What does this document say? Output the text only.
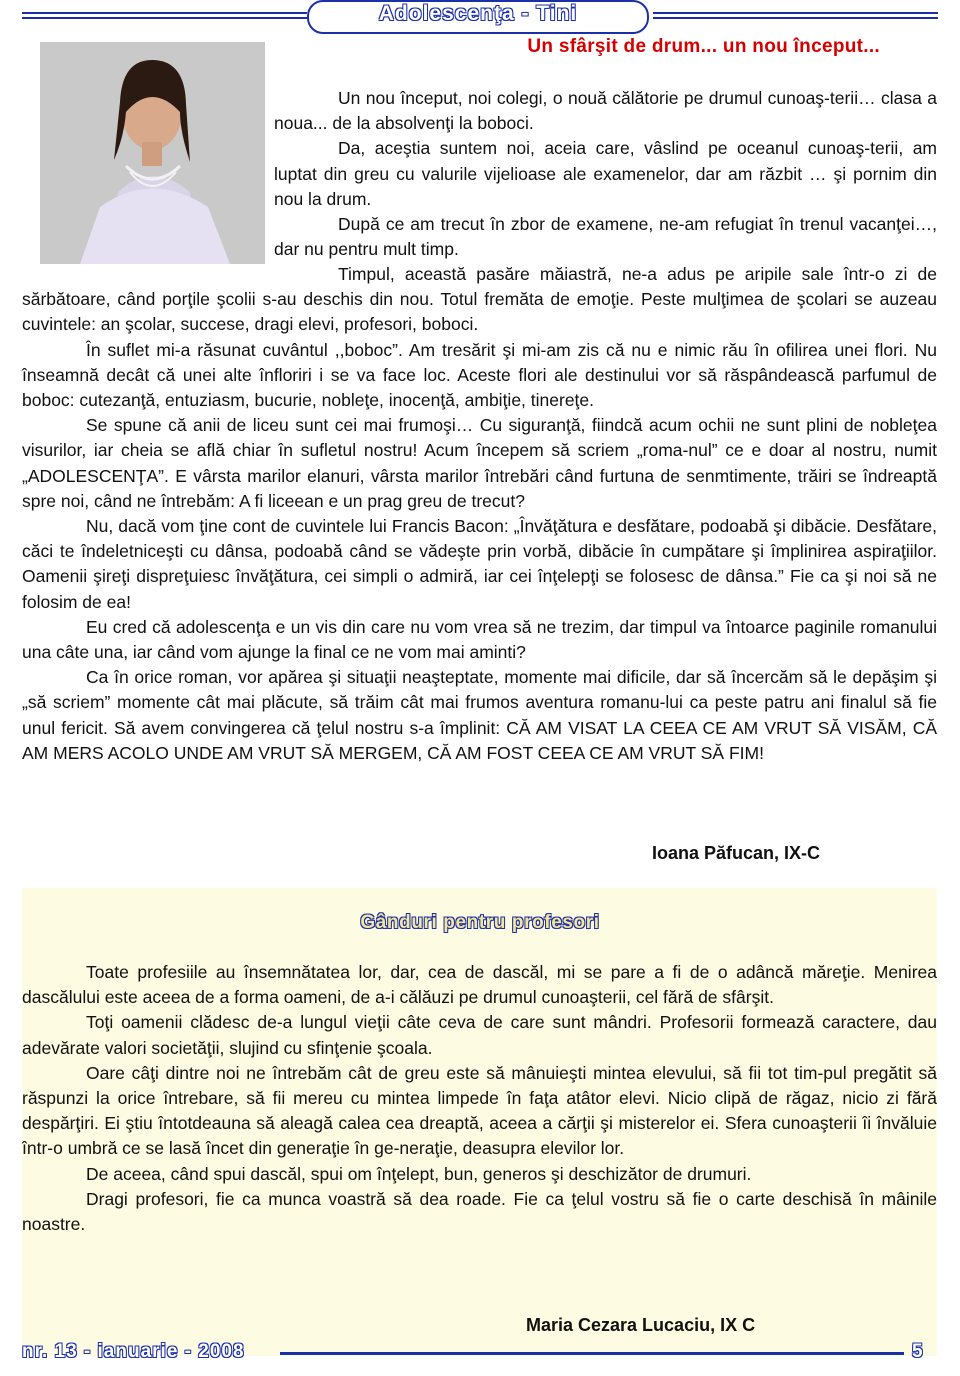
Adolescenţa - Tini
Un sfârşit de drum... un nou început...

Un nou început, noi colegi, o nouă călătorie pe drumul cunoaş-terii… clasa a noua... de la absolvenţi la boboci.

Da, aceştia suntem noi, aceia care, vâslind pe oceanul cunoaş-terii, am luptat din greu cu valurile vijelioase ale examenelor, dar am răzbit … şi pornim din nou la drum.

După ce am trecut în zbor de examene, ne-am refugiat în trenul vacanţei…, dar nu pentru mult timp.

Timpul, această pasăre măiastră, ne-a adus pe aripile sale într-o zi de sărbătoare, când porţile şcolii s-au deschis din nou. Totul fremăta de emoţie. Peste mulţimea de şcolari se auzeau cuvintele: an şcolar, succese, dragi elevi, profesori, boboci.

În suflet mi-a răsunat cuvântul ,,boboc”. Am tresărit şi mi-am zis că nu e nimic rău în ofilirea unei flori. Nu înseamnă decât că unei alte înfloriri i se va face loc. Aceste flori ale destinului vor să răspândească parfumul de boboc: cutezanţă, entuziasm, bucurie, nobleţe, inocenţă, ambiţie, tinereţe.

Se spune că anii de liceu sunt cei mai frumoşi… Cu siguranţă, fiindcă acum ochii ne sunt plini de nobleţea visurilor, iar cheia se află chiar în sufletul nostru! Acum începem să scriem „roma-nul” ce e doar al nostru, numit „ADOLESCENŢA”. E vârsta marilor elanuri, vârsta marilor întrebări când furtuna de senmtimente, trăiri se îndreaptă spre noi, când ne întrebăm: A fi liceean e un prag greu de trecut?

Nu, dacă vom ţine cont de cuvintele lui Francis Bacon: „Învăţătura e desfătare, podoabă şi dibăcie. Desfătare, căci te îndeletniceşti cu dânsa, podoabă când se vădeşte prin vorbă, dibăcie în cumpătare şi împlinirea aspiraţiilor. Oamenii şireţi dispreţuiesc învăţătura, cei simpli o admiră, iar cei înţelepţi se folosesc de dânsa.” Fie ca şi noi să ne folosim de ea!

Eu cred că adolescenţa e un vis din care nu vom vrea să ne trezim, dar timpul va întoarce paginile romanului una câte una, iar când vom ajunge la final ce ne vom mai aminti?

Ca în orice roman, vor apărea şi situaţii neaşteptate, momente mai dificile, dar să încercăm să le depăşim şi „să scriem” momente cât mai plăcute, să trăim cât mai frumos aventura romanu-lui ca peste patru ani finalul să fie unul fericit. Să avem convingerea că ţelul nostru s-a împlinit: CĂ AM VISAT LA CEEA CE AM VRUT SĂ VISĂM, CĂ AM MERS ACOLO UNDE AM VRUT SĂ MERGEM, CĂ AM FOST CEEA CE AM VRUT SĂ FIM!

Ioana Păfucan, IX-C
Gânduri pentru profesori

Toate profesiile au însemnătatea lor, dar, cea de dascăl, mi se pare a fi de o adâncă măreţie. Menirea dascălului este aceea de a forma oameni, de a-i călăuzi pe drumul cunoaşterii, cel fără de sfârşit.

Toţi oamenii clădesc de-a lungul vieţii câte ceva de care sunt mândri. Profesorii formează caractere, dau adevărate valori societăţii, slujind cu sfinţenie şcoala.

Oare câţi dintre noi ne întrebăm cât de greu este să mânuieşti mintea elevului, să fii tot tim-pul pregătit să răspunzi la orice întrebare, să fii mereu cu mintea limpede în faţa atâtor elevi. Nicio clipă de răgaz, nicio zi fără despărţiri. Ei ştiu întotdeauna să aleagă calea cea dreaptă, aceea a cărţii şi misterelor ei. Sfera cunoaşterii îi învăluie într-o umbră ce se lasă încet din generaţie în ge-neraţie, deasupra elevilor lor.

De aceea, când spui dascăl, spui om înţelept, bun, generos şi deschizător de drumuri.

Dragi profesori, fie ca munca voastră să dea roade. Fie ca ţelul vostru să fie o carte deschisă în mâinile noastre.

Maria Cezara Lucaciu, IX C
nr. 13 - ianuarie - 2008	5
